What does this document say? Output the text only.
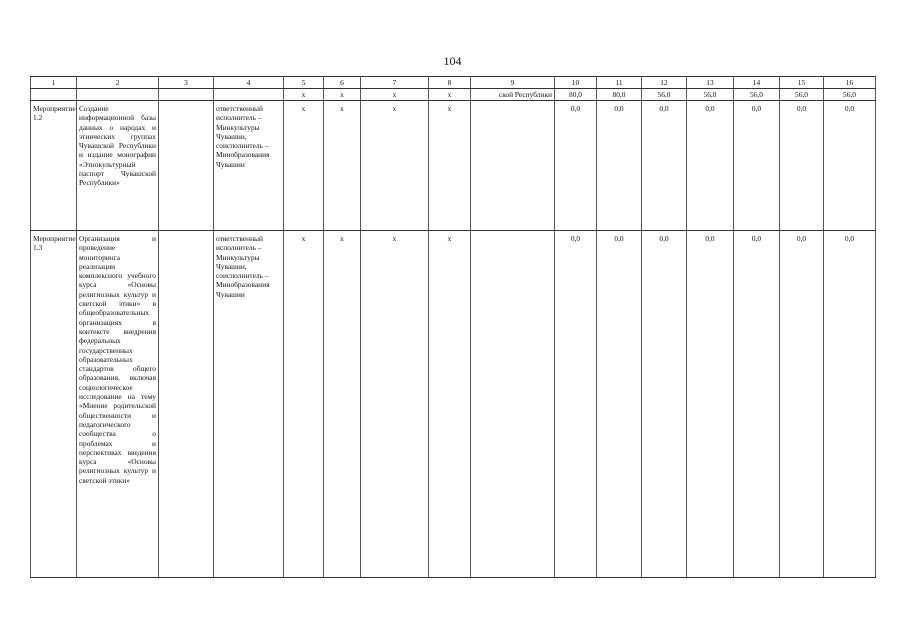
104
1	2	3	4	5	6	7	8	9	10	11	12	13	14	15	16
				x	x	x	x	ской Республики	80,0	80,0	56,0	56,0	56,0	56,0	56,0
Мероприятие 1.2	Создание информационной базы данных о народах и этнических группах Чувашской Республики и издание монографии «Этнокультурный паспорт Чувашской Республики»		ответственный исполнитель – Минкультуры Чувашии, соисполнитель – Минобразования Чувашии	x	x	x	x		0,0	0,0	0,0	0,0	0,0	0,0	0,0
Мероприятие 1.3	Организация и проведение мониторинга реализации комплексного учебного курса «Основы религиозных культур и светской этики» в общеобразовательных организациях в контексте внедрения федеральных государственных образовательных стандартов общего образования, включая социологическое исследование на тему «Мнение родительской общественности и педагогического сообщества о проблемах и перспективах введения курса «Основы религиозных культур и светской этики»		ответственный исполнитель – Минкультуры Чувашии, соисполнитель – Минобразования Чувашии	x	x	x	x		0,0	0,0	0,0	0,0	0,0	0,0	0,0
